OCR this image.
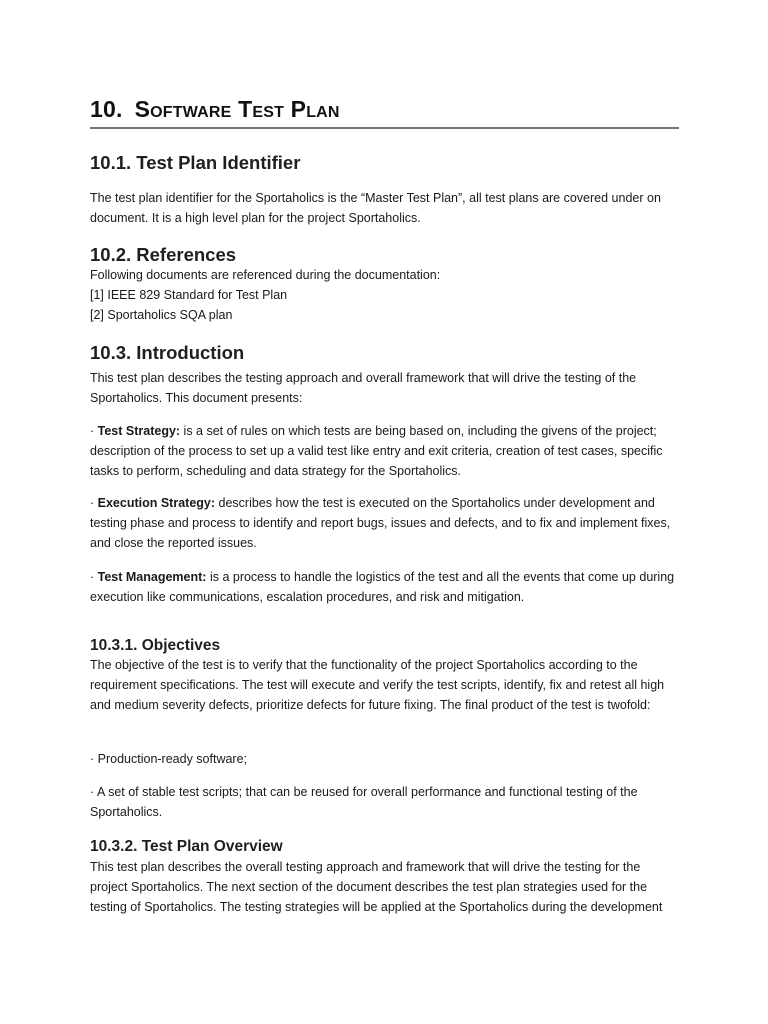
10. Software Test Plan
10.1. Test Plan Identifier

The test plan identifier for the Sportaholics is the “Master Test Plan”, all test plans are covered under on document. It is a high level plan for the project Sportaholics.

10.2. References

Following documents are referenced during the documentation:
[1] IEEE 829 Standard for Test Plan
[2] Sportaholics SQA plan

10.3. Introduction

This test plan describes the testing approach and overall framework that will drive the testing of the Sportaholics. This document presents:

· Test Strategy: is a set of rules on which tests are being based on, including the givens of the project; description of the process to set up a valid test like entry and exit criteria, creation of test cases, specific tasks to perform, scheduling and data strategy for the Sportaholics.

· Execution Strategy: describes how the test is executed on the Sportaholics under development and testing phase and process to identify and report bugs, issues and defects, and to fix and implement fixes, and close the reported issues.

· Test Management: is a process to handle the logistics of the test and all the events that come up during execution like communications, escalation procedures, and risk and mitigation.

10.3.1. Objectives

The objective of the test is to verify that the functionality of the project Sportaholics according to the requirement specifications. The test will execute and verify the test scripts, identify, fix and retest all high and medium severity defects, prioritize defects for future fixing. The final product of the test is twofold:

· Production-ready software;

· A set of stable test scripts; that can be reused for overall performance and functional testing of the Sportaholics.

10.3.2. Test Plan Overview

This test plan describes the overall testing approach and framework that will drive the testing for the project Sportaholics. The next section of the document describes the test plan strategies used for the testing of Sportaholics. The testing strategies will be applied at the Sportaholics during the development
